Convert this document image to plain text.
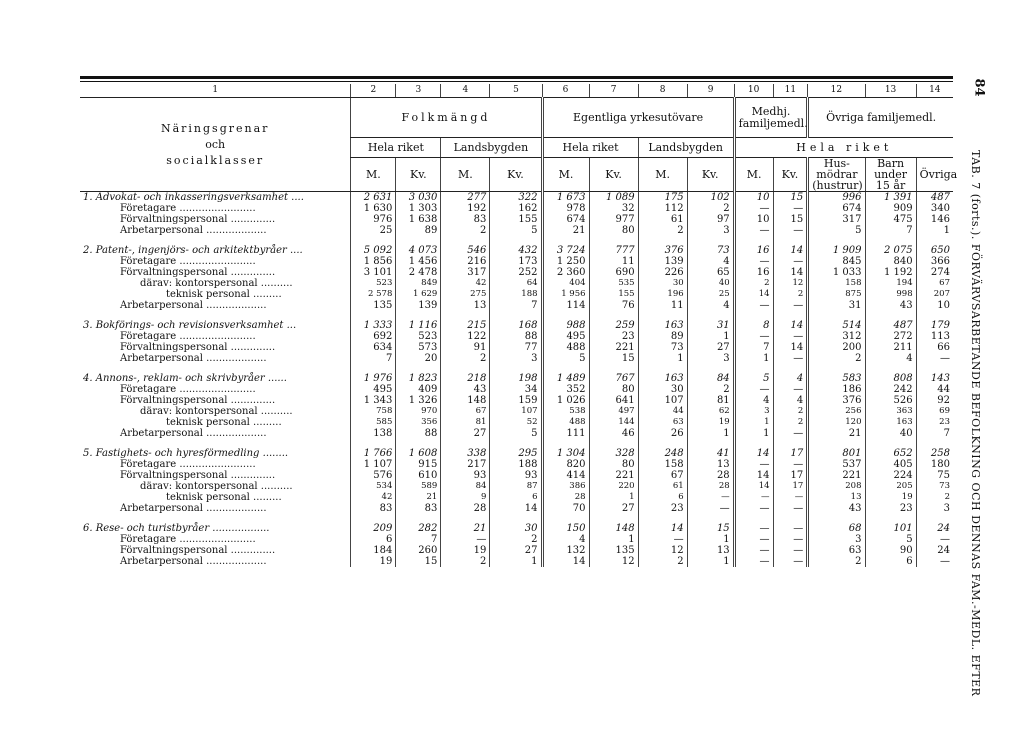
1	2	3	4	5	6	7	8	9	10	11	12	13	14

Näringsgrenar
och
socialklasser	Folkmängd				Egentliga yrkesutövare				Medhj. familjemedl.		Övriga familjemedl.		
	Hela riket		Landsbygden		Hela riket		Landsbygden		Hela riket				
	M.	Kv.	M.	Kv.	M.	Kv.	M.	Kv.	M.	Kv.	Hus-mödrar (hustrur)	Barn under 15 år	Övriga
1. Advokat- och inkasseringsverksamhet ....	2 631	3 030	277	322	1 673	1 089	175	102	10	15	996	1 391	487
Företagare ........................	1 630	1 303	192	162	978	32	112	2	—	—	674	909	340
Förvaltningspersonal ..............	976	1 638	83	155	674	977	61	97	10	15	317	475	146
Arbetarpersonal ...................	25	89	2	5	21	80	2	3	—	—	5	7	1

2. Patent-, ingenjörs- och arkitektbyråer ....	5 092	4 073	546	432	3 724	777	376	73	16	14	1 909	2 075	650
Företagare ........................	1 856	1 456	216	173	1 250	11	139	4	—	—	845	840	366
Förvaltningspersonal ..............	3 101	2 478	317	252	2 360	690	226	65	16	14	1 033	1 192	274
därav: kontorspersonal ..........	523	849	42	64	404	535	30	40	2	12	158	194	67
teknisk personal .........	2 578	1 629	275	188	1 956	155	196	25	14	2	875	998	207
Arbetarpersonal ...................	135	139	13	7	114	76	11	4	—	—	31	43	10

3. Bokförings- och revisionsverksamhet ...	1 333	1 116	215	168	988	259	163	31	8	14	514	487	179
Företagare ........................	692	523	122	88	495	23	89	1	—	—	312	272	113
Förvaltningspersonal ..............	634	573	91	77	488	221	73	27	7	14	200	211	66
Arbetarpersonal ...................	7	20	2	3	5	15	1	3	1	—	2	4	—

4. Annons-, reklam- och skrivbyråer ......	1 976	1 823	218	198	1 489	767	163	84	5	4	583	808	143
Företagare ........................	495	409	43	34	352	80	30	2	—	—	186	242	44
Förvaltningspersonal ..............	1 343	1 326	148	159	1 026	641	107	81	4	4	376	526	92
därav: kontorspersonal ..........	758	970	67	107	538	497	44	62	3	2	256	363	69
teknisk personal .........	585	356	81	52	488	144	63	19	1	2	120	163	23
Arbetarpersonal ...................	138	88	27	5	111	46	26	1	1	—	21	40	7

5. Fastighets- och hyresförmedling ........	1 766	1 608	338	295	1 304	328	248	41	14	17	801	652	258
Företagare ........................	1 107	915	217	188	820	80	158	13	—	—	537	405	180
Förvaltningspersonal ..............	576	610	93	93	414	221	67	28	14	17	221	224	75
därav: kontorspersonal ..........	534	589	84	87	386	220	61	28	14	17	208	205	73
teknisk personal .........	42	21	9	6	28	1	6	—	—	—	13	19	2
Arbetarpersonal ...................	83	83	28	14	70	27	23	—	—	—	43	23	3

6. Rese- och turistbyråer ..................	209	282	21	30	150	148	14	15	—	—	68	101	24
Företagare ........................	6	7	—	2	4	1	—	1	—	—	3	5	—
Förvaltningspersonal ..............	184	260	19	27	132	135	12	13	—	—	63	90	24
Arbetarpersonal ...................	19	15	2	1	14	12	2	1	—	—	2	6	—
84
TAB. 7 (forts.). FÖRVÄRVSARBETANDE BEFOLKNING OCH DENNAS FAM.-MEDL. EFTER
